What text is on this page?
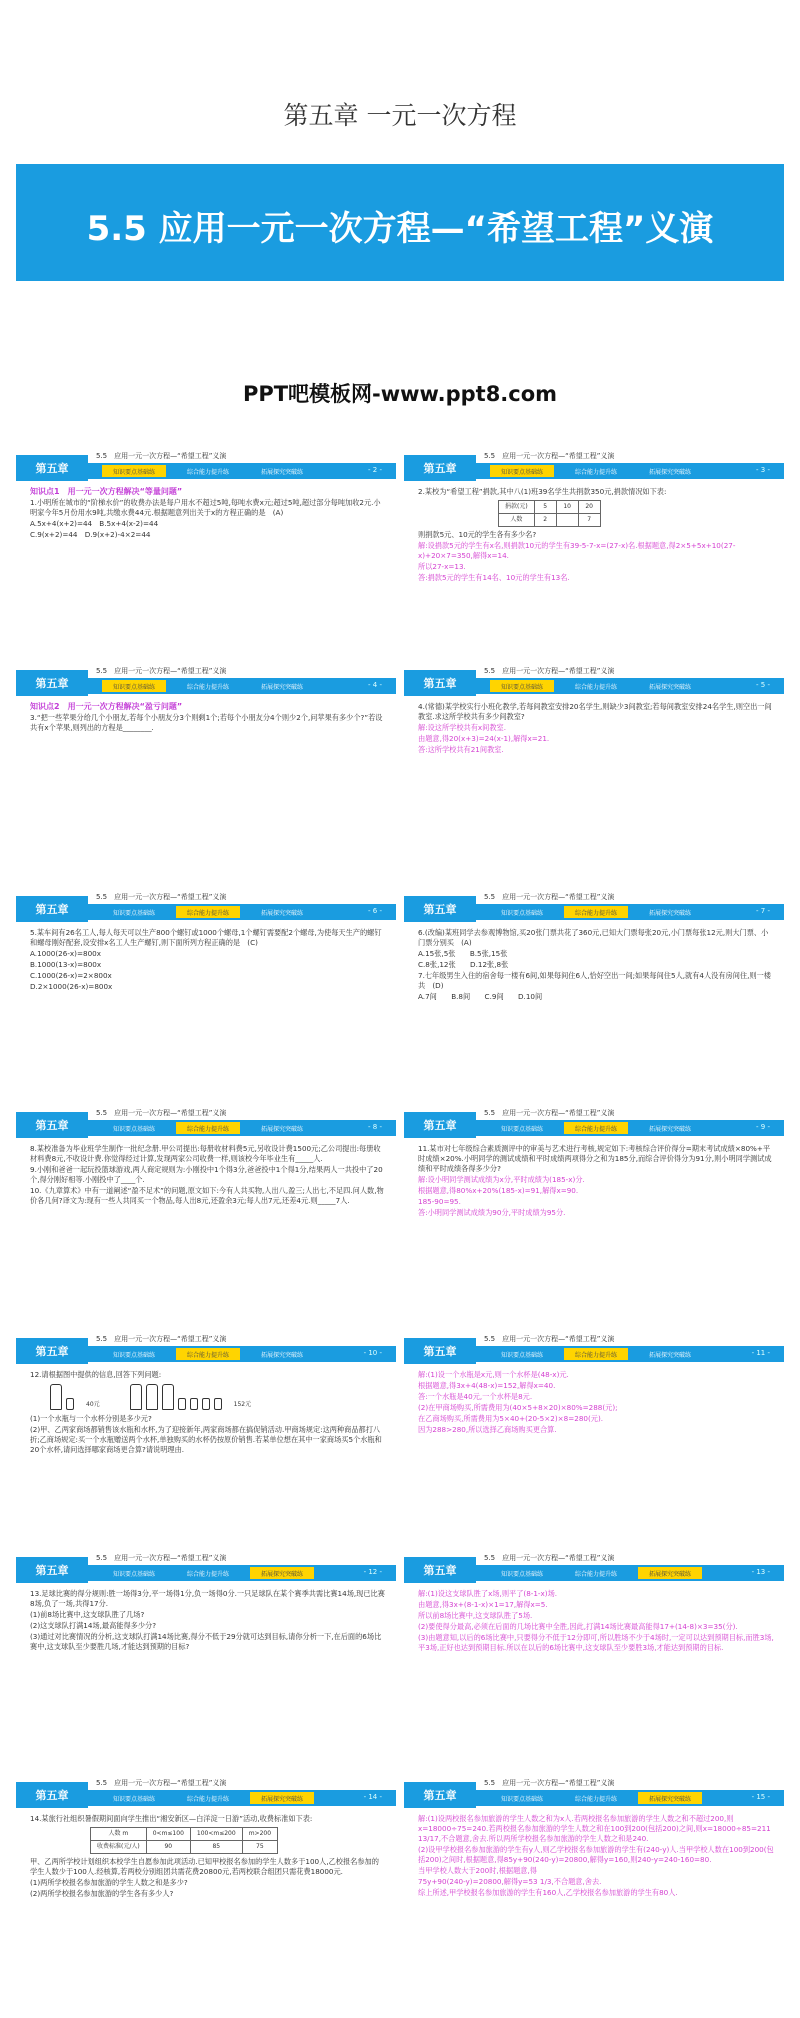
第五章 一元一次方程
5.5 应用一元一次方程—“希望工程”义演
PPT吧模板网-www.ppt8.com
第五章
5.5　应用一元一次方程—“希望工程”义演
知识要点基础练	综合能力提升练	拓展探究突破练	- 2 -

知识点1　用一元一次方程解决“等量问题”

1.小明所在城市的“阶梯水价”的收费办法是每户用水不超过5吨,每吨水费x元;超过5吨,超过部分每吨加收2元.小明家今年5月份用水9吨,共缴水费44元.根据题意列出关于x的方程正确的是　(A)

A.5x+4(x+2)=44　B.5x+4(x-2)=44

C.9(x+2)=44　D.9(x+2)-4×2=44

第五章
5.5　应用一元一次方程—“希望工程”义演
知识要点基础练	综合能力提升练	拓展探究突破练	- 3 -

2.某校为“希望工程”捐款,其中八(1)班39名学生共捐款350元,捐款情况如下表:

捐款(元)	5	10	20
人数	2		7

则捐款5元、10元的学生各有多少名?

解:设捐款5元的学生有x名,则捐款10元的学生有39-5-7-x=(27-x)名.根据题意,得2×5+5x+10(27-x)+20×7=350,解得x=14.

所以27-x=13.

答:捐款5元的学生有14名、10元的学生有13名.

第五章
5.5　应用一元一次方程—“希望工程”义演
知识要点基础练	综合能力提升练	拓展探究突破练	- 4 -

知识点2　用一元一次方程解决“盈亏问题”

3.“把一些苹果分给几个小朋友,若每个小朋友分3个则剩1个;若每个小朋友分4个则少2个,问苹果有多少个?”若设共有x个苹果,则列出的方程是________.

第五章
5.5　应用一元一次方程—“希望工程”义演
知识要点基础练	综合能力提升练	拓展探究突破练	- 5 -

4.(常德)某学校实行小班化教学,若每间教室安排20名学生,则缺少3间教室;若每间教室安排24名学生,则空出一间教室.求这所学校共有多少间教室?

解:设这所学校共有x间教室.

由题意,得20(x+3)=24(x-1),解得x=21.

答:这所学校共有21间教室.

第五章
5.5　应用一元一次方程—“希望工程”义演
知识要点基础练	综合能力提升练	拓展探究突破练	- 6 -

5.某车间有26名工人,每人每天可以生产800个螺钉或1000个螺母,1个螺钉需要配2个螺母,为使每天生产的螺钉和螺母刚好配套,设安排x名工人生产螺钉,则下面所列方程正确的是　(C)

A.1000(26-x)=800x

B.1000(13-x)=800x

C.1000(26-x)=2×800x

D.2×1000(26-x)=800x

第五章
5.5　应用一元一次方程—“希望工程”义演
知识要点基础练	综合能力提升练	拓展探究突破练	- 7 -

6.(改编)某班同学去参观博物馆,买20张门票共花了360元,已知大门票每张20元,小门票每张12元,则大门票、小门票分别买　(A)

A.15张,5张　　B.5张,15张

C.8张,12张　　D.12张,8张

7.七年级男生入住的宿舍每一楼有6间,如果每间住6人,恰好空出一间;如果每间住5人,就有4人没有房间住,则一楼共　(D)

A.7间　　B.8间　　C.9间　　D.10间

第五章
5.5　应用一元一次方程—“希望工程”义演
知识要点基础练	综合能力提升练	拓展探究突破练	- 8 -

8.某校准备为毕业班学生制作一批纪念册.甲公司提出:每册收材料费5元,另收设计费1500元;乙公司提出:每册收材料费8元,不收设计费.你觉得经过计算,发现两家公司收费一样,则该校今年毕业生有_____人.

9.小刚和爸爸一起玩投篮球游戏,两人商定规则为:小刚投中1个得3分,爸爸投中1个得1分,结果两人一共投中了20个,得分刚好相等.小刚投中了____个.

10.《九章算术》中有一道阐述“盈不足术”的问题,原文如下:今有人共买物,人出八,盈三;人出七,不足四.问人数,物价各几何?译文为:现有一些人共同买一个物品,每人出8元,还盈余3元;每人出7元,还差4元.则_____7人.

第五章
5.5　应用一元一次方程—“希望工程”义演
知识要点基础练	综合能力提升练	拓展探究突破练	- 9 -

11.某市对七年级综合素质测评中的审美与艺术进行考核,规定如下:考核综合评价得分=期末考试成绩×80%+平时成绩×20%.小明同学的测试成绩和平时成绩两项得分之和为185分,而综合评价得分为91分,则小明同学测试成绩和平时成绩各得多少分?

解:设小明同学测试成绩为x分,平时成绩为(185-x)分.

根据题意,得80%x+20%(185-x)=91,解得x=90.

185-90=95.

答:小明同学测试成绩为90分,平时成绩为95分.

第五章
5.5　应用一元一次方程—“希望工程”义演
知识要点基础练	综合能力提升练	拓展探究突破练	- 10 -

12.请根据图中提供的信息,回答下列问题:

40元	152元

(1)一个水瓶与一个水杯分别是多少元?

(2)甲、乙两家商场都销售该水瓶和水杯,为了迎接新年,两家商场都在搞促销活动.甲商场规定:这两种商品都打八折;乙商场规定:买一个水瓶赠送两个水杯,单独购买的水杯仍按原价销售.若某单位想在其中一家商场买5个水瓶和20个水杯,请问选择哪家商场更合算?请说明理由.

第五章
5.5　应用一元一次方程—“希望工程”义演
知识要点基础练	综合能力提升练	拓展探究突破练	- 11 -

解:(1)设一个水瓶是x元,则一个水杯是(48-x)元.

根据题意,得3x+4(48-x)=152,解得x=40.

答:一个水瓶是40元,一个水杯是8元.

(2)在甲商场购买,所需费用为(40×5+8×20)×80%=288(元);

在乙商场购买,所需费用为5×40+(20-5×2)×8=280(元).

因为288>280,所以选择乙商场购买更合算.

第五章
5.5　应用一元一次方程—“希望工程”义演
知识要点基础练	综合能力提升练	拓展探究突破练	- 12 -

13.足球比赛的得分规则:胜一场得3分,平一场得1分,负一场得0分.一只足球队在某个赛季共需比赛14场,现已比赛8场,负了一场,共得17分.

(1)前8场比赛中,这支球队胜了几场?

(2)这支球队打满14场,最高能得多少分?

(3)通过对比赛情况的分析,这支球队打满14场比赛,得分不低于29分就可达到目标,请你分析一下,在后面的6场比赛中,这支球队至少要胜几场,才能达到预期的目标?

第五章
5.5　应用一元一次方程—“希望工程”义演
知识要点基础练	综合能力提升练	拓展探究突破练	- 13 -

解:(1)设这支球队胜了x场,则平了(8-1-x)场.

由题意,得3x+(8-1-x)×1=17,解得x=5.

所以前8场比赛中,这支球队胜了5场.

(2)要使得分最高,必须在后面的几场比赛中全胜,因此,打满14场比赛最高能得17+(14-8)×3=35(分).

(3)由题意知,以后的6场比赛中,只要得分不低于12分即可,所以胜场不少于4场时,一定可以达到预期目标,而胜3场,平3场,正好也达到预期目标.所以在以后的6场比赛中,这支球队至少要胜3场,才能达到预期的目标.

第五章
5.5　应用一元一次方程—“希望工程”义演
知识要点基础练	综合能力提升练	拓展探究突破练	- 14 -

14.某旅行社组织暑假期间面向学生推出“湘安新区—白洋淀一日游”活动,收费标准如下表:

人数 m	0<m≤100	100<m≤200	m>200
收费标准(元/人)	90	85	75

甲、乙两所学校计划组织本校学生自愿参加此项活动.已知甲校报名参加的学生人数多于100人,乙校报名参加的学生人数少于100人.经核算,若两校分别组团共需花费20800元,若两校联合组团只需花费18000元.

(1)两所学校报名参加旅游的学生人数之和是多少?

(2)两所学校报名参加旅游的学生各有多少人?

第五章
5.5　应用一元一次方程—“希望工程”义演
知识要点基础练	综合能力提升练	拓展探究突破练	- 15 -

解:(1)设两校报名参加旅游的学生人数之和为x人.若两校报名参加旅游的学生人数之和不超过200,则x=18000÷75=240.若两校报名参加旅游的学生人数之和在100到200(包括200)之间,则x=18000÷85=211 13/17,不合题意,舍去.所以两所学校报名参加旅游的学生人数之和是240.

(2)设甲学校报名参加旅游的学生有y人,则乙学校报名参加旅游的学生有(240-y)人.当甲学校人数在100到200(包括200)之间时,根据题意,得85y+90(240-y)=20800,解得y=160,则240-y=240-160=80.

当甲学校人数大于200时,根据题意,得

75y+90(240-y)=20800,解得y=53 1/3,不合题意,舍去.

综上所述,甲学校报名参加旅游的学生有160人,乙学校报名参加旅游的学生有80人.
